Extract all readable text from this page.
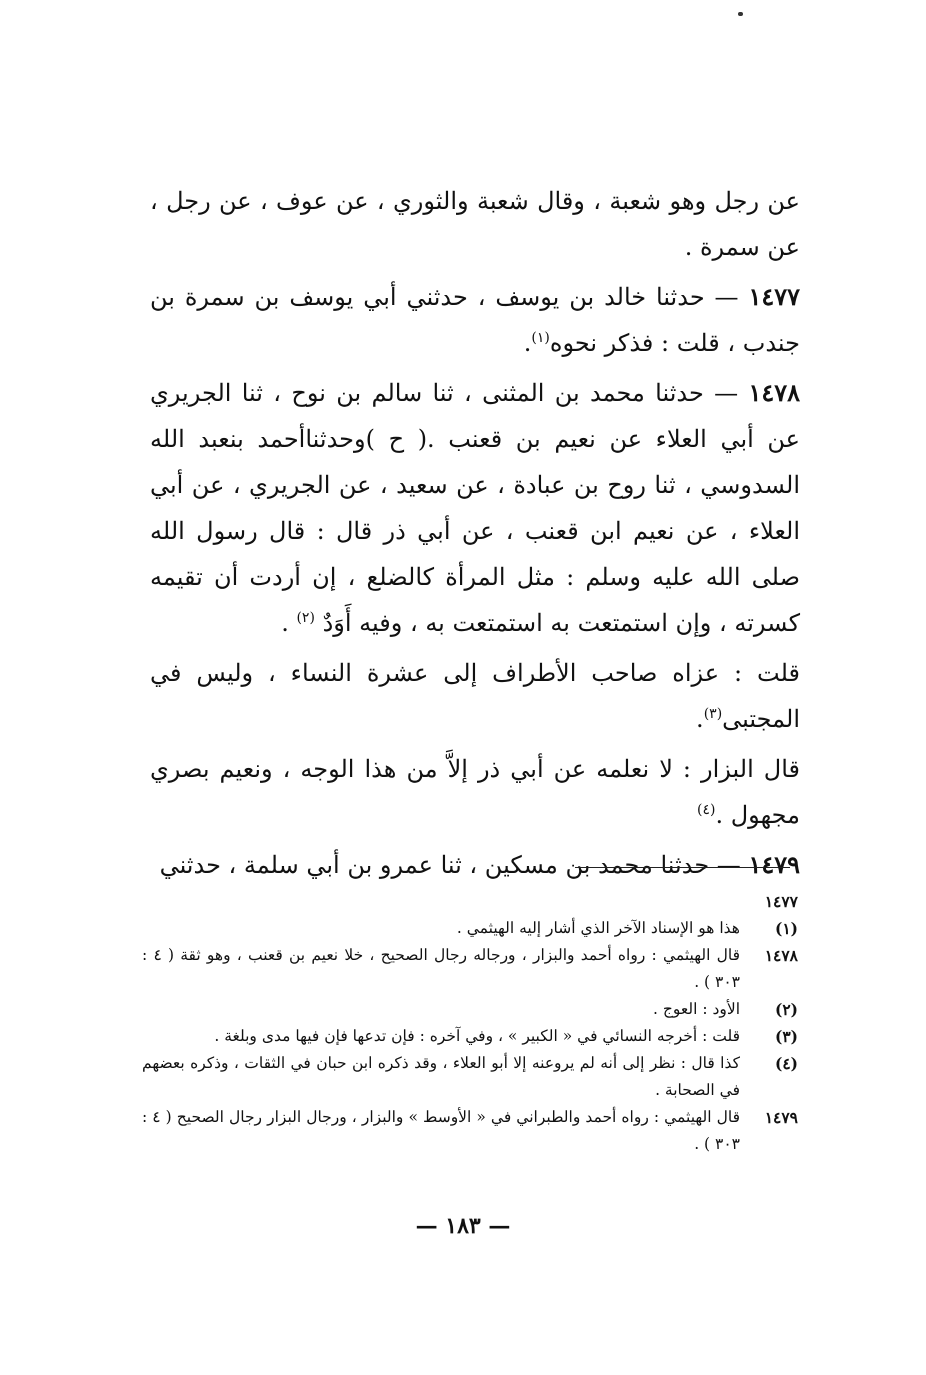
عن رجل وهو شعبة ، وقال شعبة والثوري ، عن عوف ، عن رجل ، عن سمرة .

١٤٧٧ — حدثنا خالد بن يوسف ، حدثني أبي يوسف بن سمرة بن جندب ، قلت : فذكر نحوه$^{(١)}$.

١٤٧٨ — حدثنا محمد بن المثنى ، ثنا سالم بن نوح ، ثنا الجريري عن أبي العلاء عن نعيم بن قعنب .( ح )وحدثناأحمد بنعبد الله السدوسي ، ثنا روح بن عبادة ، عن سعيد ، عن الجريري ، عن أبي العلاء ، عن نعيم ابن قعنب ، عن أبي ذر قال : قال رسول الله صلى الله عليه وسلم : مثل المرأة كالضلع ، إن أردت أن تقيمه كسرته ، وإن استمتعت به استمتعت به ، وفيه أَوَدٌ $^{(٢)}$ .

قلت : عزاه صاحب الأطراف إلى عشرة النساء ، وليس في المجتبى$^{(٣)}$.

قال البزار : لا نعلمه عن أبي ذر إلاَّ من هذا الوجه ، ونعيم بصري مجهول .$^{(٤)}$

١٤٧٩ — حدثنا محمد بن مسكين ، ثنا عمرو بن أبي سلمة ، حدثني

١٤٧٧
(١)
هذا هو الإسناد الآخر الذي أشار إليه الهيثمي .
١٤٧٨
قال الهيثمي : رواه أحمد والبزار ، ورجاله رجال الصحيح ، خلا نعيم بن قعنب ، وهو ثقة ( ٤ : ٣٠٣ ) .
(٢)
الأود : العوج .
(٣)
قلت : أخرجه النسائي في « الكبير » ، وفي آخره : فإن تدعها فإن فيها مدى وبلغة .
(٤)
كذا قال : نظر إلى أنه لم يروعنه إلا أبو العلاء ، وقد ذكره ابن حبان في الثقات ، وذكره بعضهم في الصحابة .
١٤٧٩
قال الهيثمي : رواه أحمد والطبراني في « الأوسط » والبزار ، ورجال البزار رجال الصحيح ( ٤ : ٣٠٣ ) .
— ١٨٣ —
